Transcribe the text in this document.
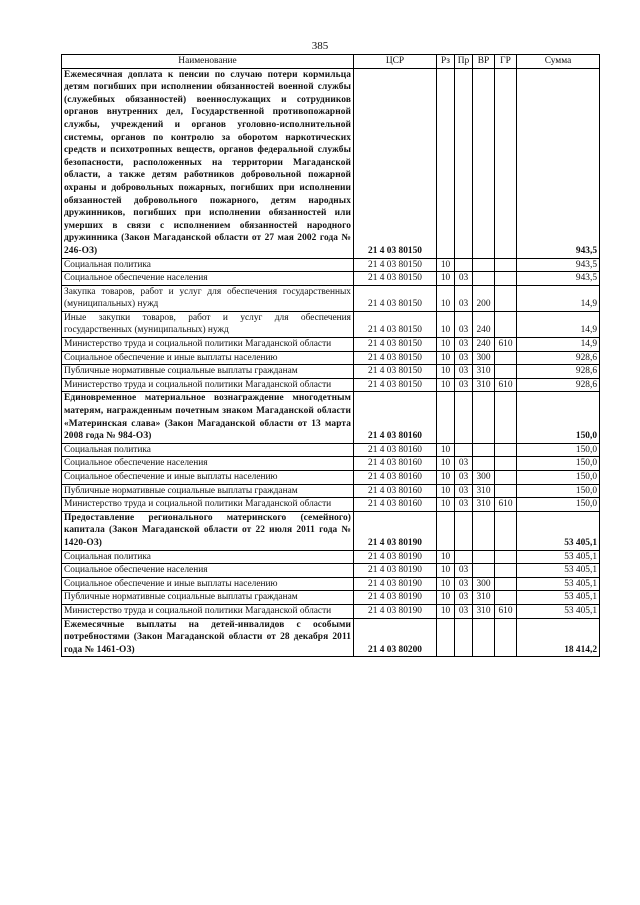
385
Наименование	ЦСР	Рз	Пр	ВР	ГР	Сумма
Ежемесячная доплата к пенсии по случаю потери кормильца детям погибших при исполнении обязанностей военной службы (служебных обязанностей) военнослужащих и сотрудников органов внутренних дел, Государственной противопожарной службы, учреждений и органов уголовно-исполнительной системы, органов по контролю за оборотом наркотических средств и психотропных веществ, органов федеральной службы безопасности, расположенных на территории Магаданской области, а также детям работников добровольной пожарной охраны и добровольных пожарных, погибших при исполнении обязанностей добровольного пожарного, детям народных дружинников, погибших при исполнении обязанностей или умерших в связи с исполнением обязанностей народного дружинника (Закон Магаданской области от 27 мая 2002 года № 246-ОЗ)	21 4 03 80150					943,5
Социальная политика	21 4 03 80150	10				943,5
Социальное обеспечение населения	21 4 03 80150	10	03			943,5
Закупка товаров, работ и услуг для обеспечения государственных (муниципальных) нужд	21 4 03 80150	10	03	200		14,9
Иные закупки товаров, работ и услуг для обеспечения государственных (муниципальных) нужд	21 4 03 80150	10	03	240		14,9
Министерство труда и социальной политики Магаданской области	21 4 03 80150	10	03	240	610	14,9
Социальное обеспечение и иные выплаты населению	21 4 03 80150	10	03	300		928,6
Публичные нормативные социальные выплаты гражданам	21 4 03 80150	10	03	310		928,6
Министерство труда и социальной политики Магаданской области	21 4 03 80150	10	03	310	610	928,6
Единовременное материальное вознаграждение многодетным матерям, награжденным почетным знаком Магаданской области «Материнская слава» (Закон Магаданской области от 13 марта 2008 года № 984-ОЗ)	21 4 03 80160					150,0
Социальная политика	21 4 03 80160	10				150,0
Социальное обеспечение населения	21 4 03 80160	10	03			150,0
Социальное обеспечение и иные выплаты населению	21 4 03 80160	10	03	300		150,0
Публичные нормативные социальные выплаты гражданам	21 4 03 80160	10	03	310		150,0
Министерство труда и социальной политики Магаданской области	21 4 03 80160	10	03	310	610	150,0
Предоставление регионального материнского (семейного) капитала (Закон Магаданской области от 22 июля 2011 года № 1420-ОЗ)	21 4 03 80190					53 405,1
Социальная политика	21 4 03 80190	10				53 405,1
Социальное обеспечение населения	21 4 03 80190	10	03			53 405,1
Социальное обеспечение и иные выплаты населению	21 4 03 80190	10	03	300		53 405,1
Публичные нормативные социальные выплаты гражданам	21 4 03 80190	10	03	310		53 405,1
Министерство труда и социальной политики Магаданской области	21 4 03 80190	10	03	310	610	53 405,1
Ежемесячные выплаты на детей-инвалидов с особыми потребностями (Закон Магаданской области от 28 декабря 2011 года № 1461-ОЗ)	21 4 03 80200					18 414,2
